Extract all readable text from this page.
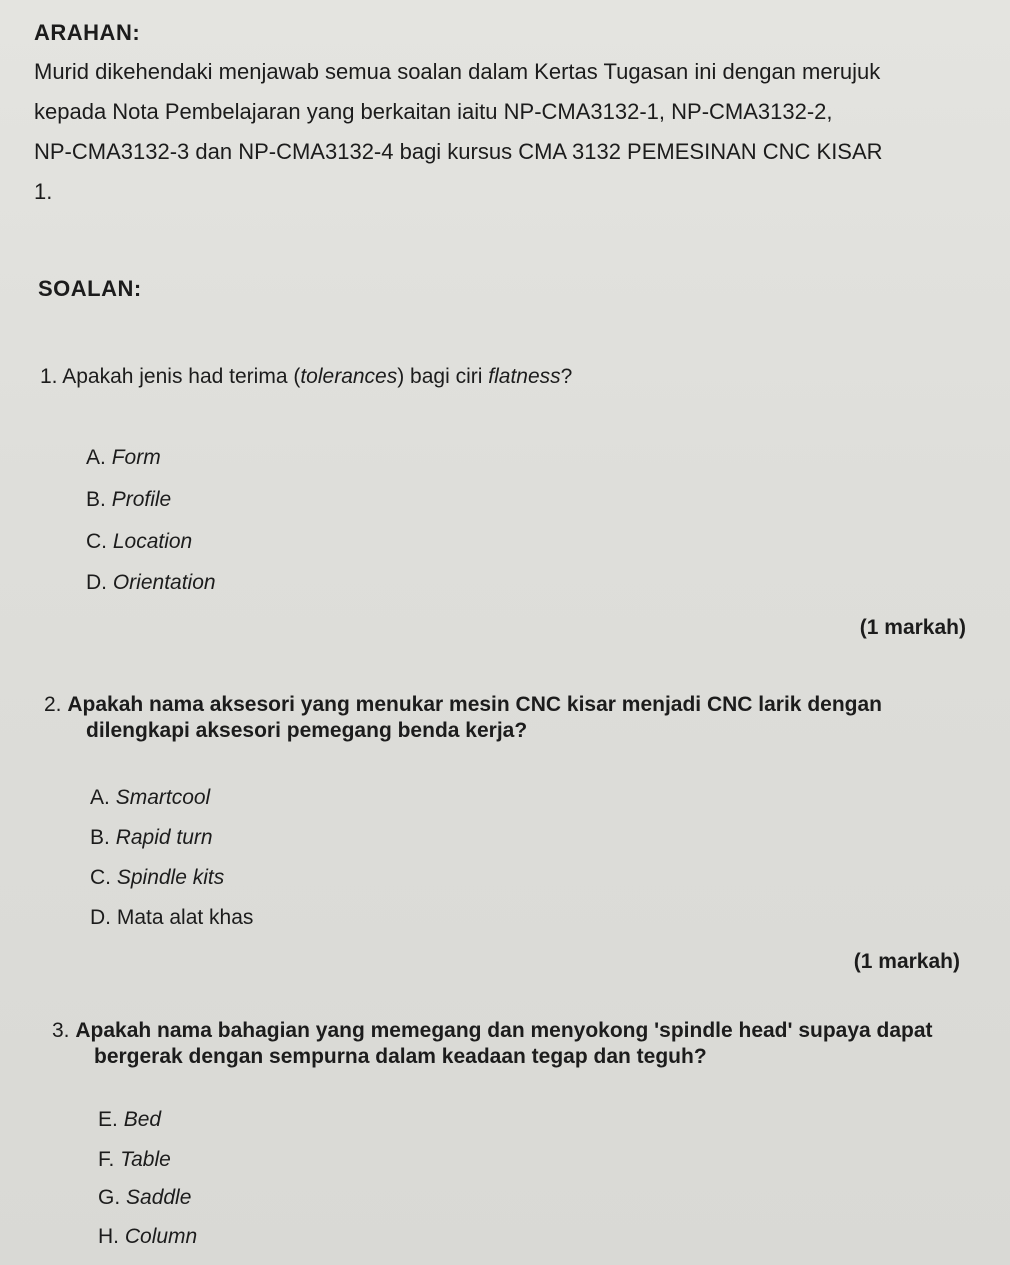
ARAHAN:
Murid dikehendaki menjawab semua soalan dalam Kertas Tugasan ini dengan merujuk
kepada Nota Pembelajaran yang berkaitan iaitu NP-CMA3132-1, NP-CMA3132-2,
NP-CMA3132-3 dan NP-CMA3132-4 bagi kursus CMA 3132 PEMESINAN CNC KISAR
1.
SOALAN:
1. Apakah jenis had terima (tolerances) bagi ciri flatness?
A. Form
B. Profile
C. Location
D. Orientation
(1 markah)
2. Apakah nama aksesori yang menukar mesin CNC kisar menjadi CNC larik dengan
dilengkapi aksesori pemegang benda kerja?
A. Smartcool
B. Rapid turn
C. Spindle kits
D. Mata alat khas
(1 markah)
3. Apakah nama bahagian yang memegang dan menyokong 'spindle head' supaya dapat
bergerak dengan sempurna dalam keadaan tegap dan teguh?
E. Bed
F. Table
G. Saddle
H. Column
